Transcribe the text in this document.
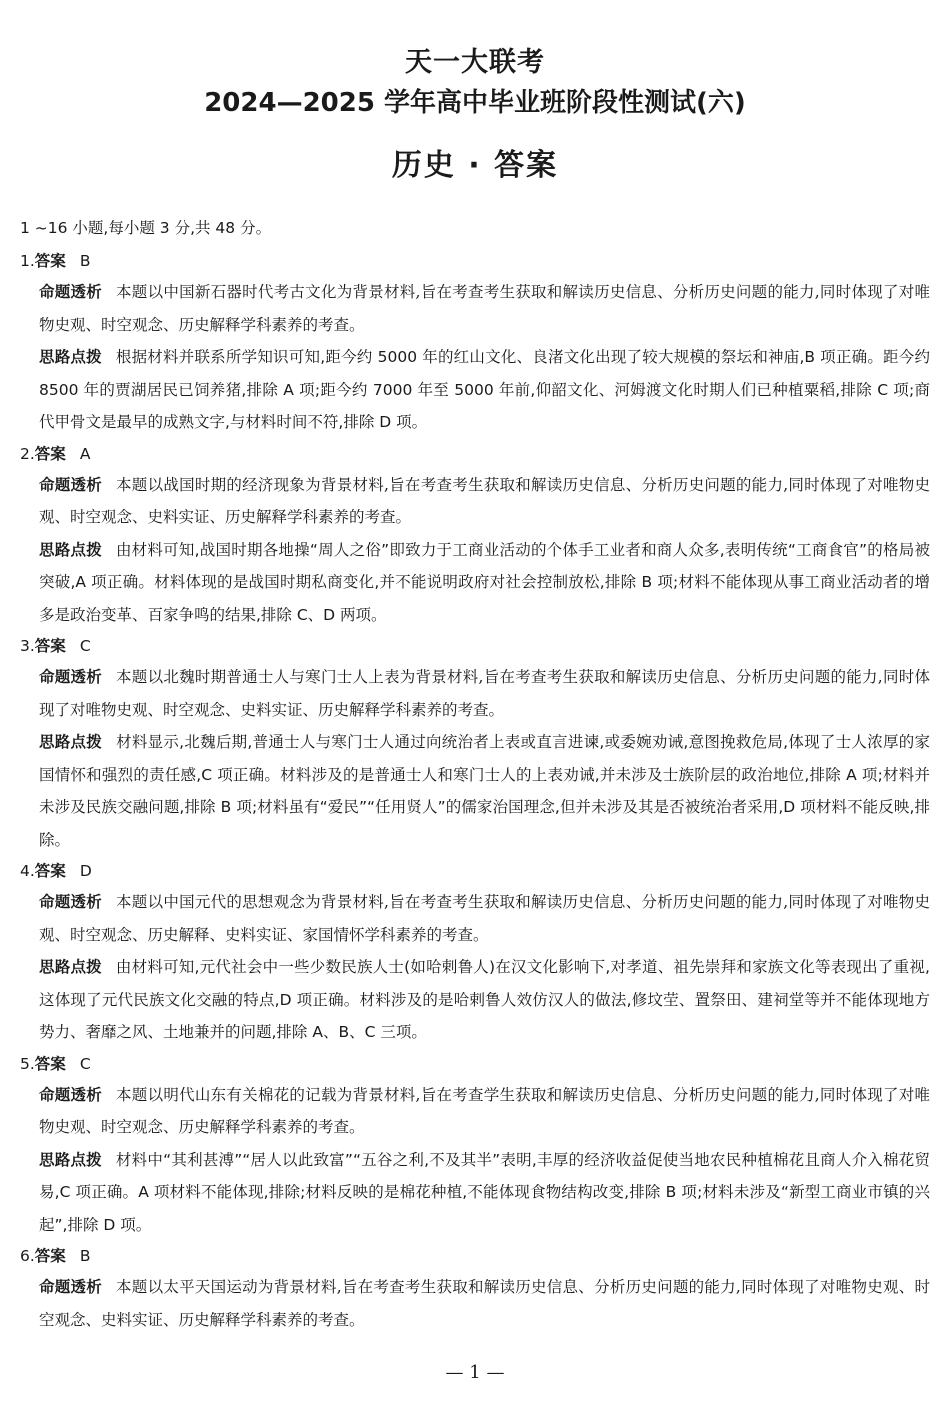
天一大联考
2024—2025 学年高中毕业班阶段性测试(六)
历史 · 答案
1 ~16 小题,每小题 3 分,共 48 分。
1.答案 B
命题透析 本题以中国新石器时代考古文化为背景材料,旨在考查考生获取和解读历史信息、分析历史问题的能力,同时体现了对唯物史观、时空观念、历史解释学科素养的考查。
思路点拨 根据材料并联系所学知识可知,距今约 5000 年的红山文化、良渚文化出现了较大规模的祭坛和神庙,B 项正确。距今约 8500 年的贾湖居民已饲养猪,排除 A 项;距今约 7000 年至 5000 年前,仰韶文化、河姆渡文化时期人们已种植粟稻,排除 C 项;商代甲骨文是最早的成熟文字,与材料时间不符,排除 D 项。
2.答案 A
命题透析 本题以战国时期的经济现象为背景材料,旨在考查考生获取和解读历史信息、分析历史问题的能力,同时体现了对唯物史观、时空观念、史料实证、历史解释学科素养的考查。
思路点拨 由材料可知,战国时期各地操“周人之俗”即致力于工商业活动的个体手工业者和商人众多,表明传统“工商食官”的格局被突破,A 项正确。材料体现的是战国时期私商变化,并不能说明政府对社会控制放松,排除 B 项;材料不能体现从事工商业活动者的增多是政治变革、百家争鸣的结果,排除 C、D 两项。
3.答案 C
命题透析 本题以北魏时期普通士人与寒门士人上表为背景材料,旨在考查考生获取和解读历史信息、分析历史问题的能力,同时体现了对唯物史观、时空观念、史料实证、历史解释学科素养的考查。
思路点拨 材料显示,北魏后期,普通士人与寒门士人通过向统治者上表或直言进谏,或委婉劝诫,意图挽救危局,体现了士人浓厚的家国情怀和强烈的责任感,C 项正确。材料涉及的是普通士人和寒门士人的上表劝诫,并未涉及士族阶层的政治地位,排除 A 项;材料并未涉及民族交融问题,排除 B 项;材料虽有“爱民”“任用贤人”的儒家治国理念,但并未涉及其是否被统治者采用,D 项材料不能反映,排除。
4.答案 D
命题透析 本题以中国元代的思想观念为背景材料,旨在考查考生获取和解读历史信息、分析历史问题的能力,同时体现了对唯物史观、时空观念、历史解释、史料实证、家国情怀学科素养的考查。
思路点拨 由材料可知,元代社会中一些少数民族人士(如哈剌鲁人)在汉文化影响下,对孝道、祖先崇拜和家族文化等表现出了重视,这体现了元代民族文化交融的特点,D 项正确。材料涉及的是哈剌鲁人效仿汉人的做法,修坟茔、置祭田、建祠堂等并不能体现地方势力、奢靡之风、土地兼并的问题,排除 A、B、C 三项。
5.答案 C
命题透析 本题以明代山东有关棉花的记载为背景材料,旨在考查学生获取和解读历史信息、分析历史问题的能力,同时体现了对唯物史观、时空观念、历史解释学科素养的考查。
思路点拨 材料中“其利甚溥”“居人以此致富”“五谷之利,不及其半”表明,丰厚的经济收益促使当地农民种植棉花且商人介入棉花贸易,C 项正确。A 项材料不能体现,排除;材料反映的是棉花种植,不能体现食物结构改变,排除 B 项;材料未涉及“新型工商业市镇的兴起”,排除 D 项。
6.答案 B
命题透析 本题以太平天国运动为背景材料,旨在考查考生获取和解读历史信息、分析历史问题的能力,同时体现了对唯物史观、时空观念、史料实证、历史解释学科素养的考查。
— 1 —
